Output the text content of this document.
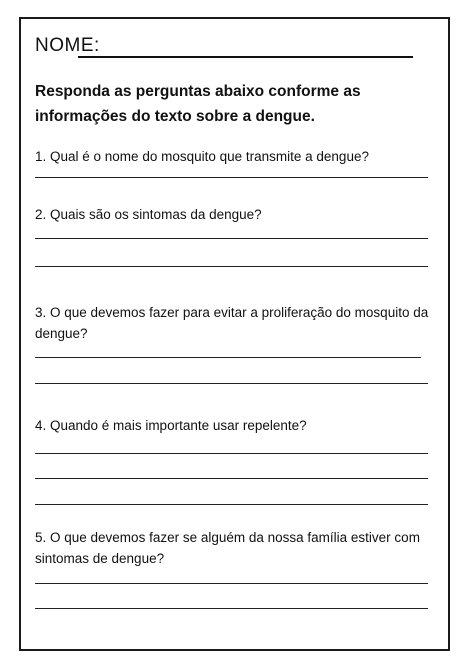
NOME:
Responda as perguntas abaixo conforme as informações do texto sobre a dengue.
1. Qual é o nome do mosquito que transmite a dengue?
2. Quais são os sintomas da dengue?
3. O que devemos fazer para evitar a proliferação do mosquito da dengue?
4. Quando é mais importante usar repelente?
5. O que devemos fazer se alguém da nossa família estiver com sintomas de dengue?
